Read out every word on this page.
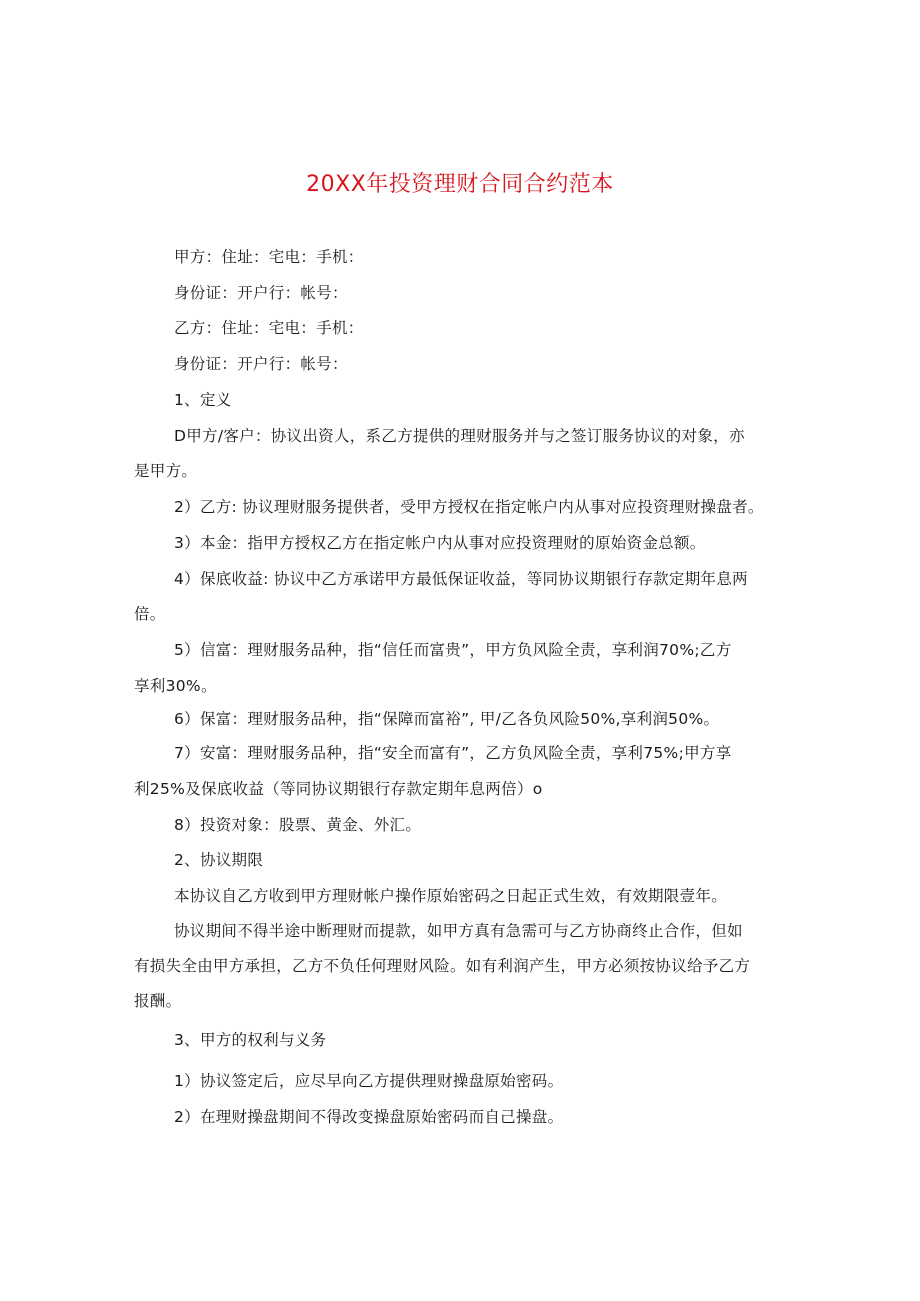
20XX年投资理财合同合约范本
甲方：住址：宅电：手机：
身份证：开户行：帐号：
乙方：住址：宅电：手机：
身份证：开户行：帐号：
1、定义
D甲方/客户：协议出资人，系乙方提供的理财服务并与之签订服务协议的对象，亦
是甲方。
2）乙方: 协议理财服务提供者，受甲方授权在指定帐户内从事对应投资理财操盘者。
3）本金：指甲方授权乙方在指定帐户内从事对应投资理财的原始资金总额。
4）保底收益: 协议中乙方承诺甲方最低保证收益，等同协议期银行存款定期年息两
倍。
5）信富：理财服务品种，指“信任而富贵”，甲方负风险全责，享利润70%;乙方
享利30%。
6）保富：理财服务品种，指“保障而富裕”, 甲/乙各负风险50%,享利润50%。
7）安富：理财服务品种，指“安全而富有”，乙方负风险全责，享利75%;甲方享
利25%及保底收益（等同协议期银行存款定期年息两倍）o
8）投资对象：股票、黄金、外汇。
2、协议期限
本协议自乙方收到甲方理财帐户操作原始密码之日起正式生效，有效期限壹年。
协议期间不得半途中断理财而提款，如甲方真有急需可与乙方协商终止合作，但如
有损失全由甲方承担，乙方不负任何理财风险。如有利润产生，甲方必须按协议给予乙方
报酬。
3、甲方的权利与义务
1）协议签定后，应尽早向乙方提供理财操盘原始密码。
2）在理财操盘期间不得改变操盘原始密码而自己操盘。
